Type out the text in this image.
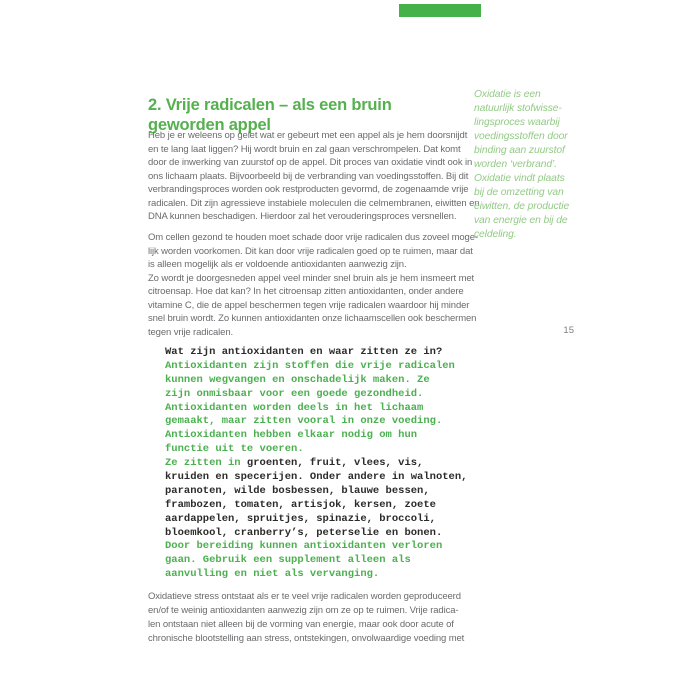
2. Vrije radicalen – als een bruin geworden appel
Heb je er weleens op gelet wat er gebeurt met een appel als je hem doorsnijdt
en te lang laat liggen? Hij wordt bruin en zal gaan verschrompelen. Dat komt
door de inwerking van zuurstof op de appel. Dit proces van oxidatie vindt ook in
ons lichaam plaats. Bijvoorbeeld bij de verbranding van voedingsstoffen. Bij dit
verbrandingsproces worden ook restproducten gevormd, de zogenaamde vrije
radicalen. Dit zijn agressieve instabiele moleculen die celmembranen, eiwitten en
DNA kunnen beschadigen. Hierdoor zal het verouderingsproces versnellen.
Om cellen gezond te houden moet schade door vrije radicalen dus zoveel moge-
lijk worden voorkomen. Dit kan door vrije radicalen goed op te ruimen, maar dat
is alleen mogelijk als er voldoende antioxidanten aanwezig zijn.
Zo wordt je doorgesneden appel veel minder snel bruin als je hem insmeert met
citroensap. Hoe dat kan? In het citroensap zitten antioxidanten, onder andere
vitamine C, die de appel beschermen tegen vrije radicalen waardoor hij minder
snel bruin wordt. Zo kunnen antioxidanten onze lichaamscellen ook beschermen
tegen vrije radicalen.
Wat zijn antioxidanten en waar zitten ze in?
Antioxidanten zijn stoffen die vrije radicalen
kunnen wegvangen en onschadelijk maken. Ze
zijn onmisbaar voor een goede gezondheid.
Antioxidanten worden deels in het lichaam
gemaakt, maar zitten vooral in onze voeding.
Antioxidanten hebben elkaar nodig om hun
functie uit te voeren.
Ze zitten in groenten, fruit, vlees, vis,
kruiden en specerijen. Onder andere in walnoten,
paranoten, wilde bosbessen, blauwe bessen,
frambozen, tomaten, artisjok, kersen, zoete
aardappelen, spruitjes, spinazie, broccoli,
bloemkool, cranberry’s, peterselie en bonen.
Door bereiding kunnen antioxidanten verloren
gaan. Gebruik een supplement alleen als
aanvulling en niet als vervanging.
Oxidatieve stress ontstaat als er te veel vrije radicalen worden geproduceerd
en/of te weinig antioxidanten aanwezig zijn om ze op te ruimen. Vrije radica-
len ontstaan niet alleen bij de vorming van energie, maar ook door acute of
chronische blootstelling aan stress, ontstekingen, onvolwaardige voeding met
Oxidatie is een
natuurlijk stofwisse-
lingsproces waarbij
voedingsstoffen door
binding aan zuurstof
worden ‘verbrand’.
Oxidatie vindt plaats
bij de omzetting van
eiwitten, de productie
van energie en bij de
celdeling.
15
